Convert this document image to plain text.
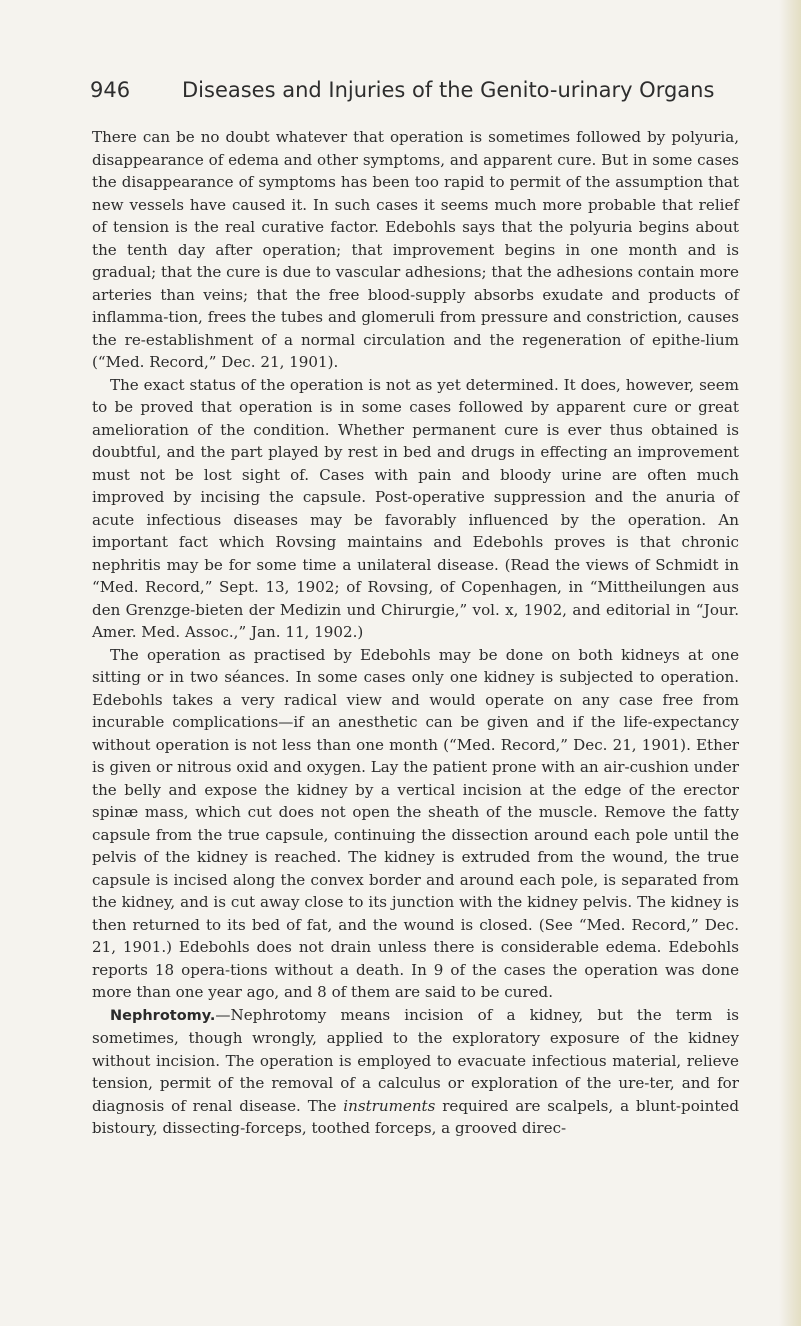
946 Diseases and Injuries of the Genito-urinary Organs

There can be no doubt whatever that operation is sometimes followed by polyuria, disappearance of edema and other symptoms, and apparent cure. But in some cases the disappearance of symptoms has been too rapid to permit of the assumption that new vessels have caused it. In such cases it seems much more probable that relief of tension is the real curative factor. Edebohls says that the polyuria begins about the tenth day after operation; that improvement begins in one month and is gradual; that the cure is due to vascular adhesions; that the adhesions contain more arteries than veins; that the free blood-supply absorbs exudate and products of inflamma-tion, frees the tubes and glomeruli from pressure and constriction, causes the re-establishment of a normal circulation and the regeneration of epithe-lium (“Med. Record,” Dec. 21, 1901).

The exact status of the operation is not as yet determined. It does, however, seem to be proved that operation is in some cases followed by apparent cure or great amelioration of the condition. Whether permanent cure is ever thus obtained is doubtful, and the part played by rest in bed and drugs in effecting an improvement must not be lost sight of. Cases with pain and bloody urine are often much improved by incising the capsule. Post-operative suppression and the anuria of acute infectious diseases may be favorably influenced by the operation. An important fact which Rovsing maintains and Edebohls proves is that chronic nephritis may be for some time a unilateral disease. (Read the views of Schmidt in “Med. Record,” Sept. 13, 1902; of Rovsing, of Copenhagen, in “Mittheilungen aus den Grenzge-bieten der Medizin und Chirurgie,” vol. x, 1902, and editorial in “Jour. Amer. Med. Assoc.,” Jan. 11, 1902.)

The operation as practised by Edebohls may be done on both kidneys at one sitting or in two séances. In some cases only one kidney is subjected to operation. Edebohls takes a very radical view and would operate on any case free from incurable complications—if an anesthetic can be given and if the life-expectancy without operation is not less than one month (“Med. Record,” Dec. 21, 1901). Ether is given or nitrous oxid and oxygen. Lay the patient prone with an air-cushion under the belly and expose the kidney by a vertical incision at the edge of the erector spinæ mass, which cut does not open the sheath of the muscle. Remove the fatty capsule from the true capsule, continuing the dissection around each pole until the pelvis of the kidney is reached. The kidney is extruded from the wound, the true capsule is incised along the convex border and around each pole, is separated from the kidney, and is cut away close to its junction with the kidney pelvis. The kidney is then returned to its bed of fat, and the wound is closed. (See “Med. Record,” Dec. 21, 1901.) Edebohls does not drain unless there is considerable edema. Edebohls reports 18 opera-tions without a death. In 9 of the cases the operation was done more than one year ago, and 8 of them are said to be cured.

Nephrotomy.—Nephrotomy means incision of a kidney, but the term is sometimes, though wrongly, applied to the exploratory exposure of the kidney without incision. The operation is employed to evacuate infectious material, relieve tension, permit of the removal of a calculus or exploration of the ure-ter, and for diagnosis of renal disease. The instruments required are scalpels, a blunt-pointed bistoury, dissecting-forceps, toothed forceps, a grooved direc-
